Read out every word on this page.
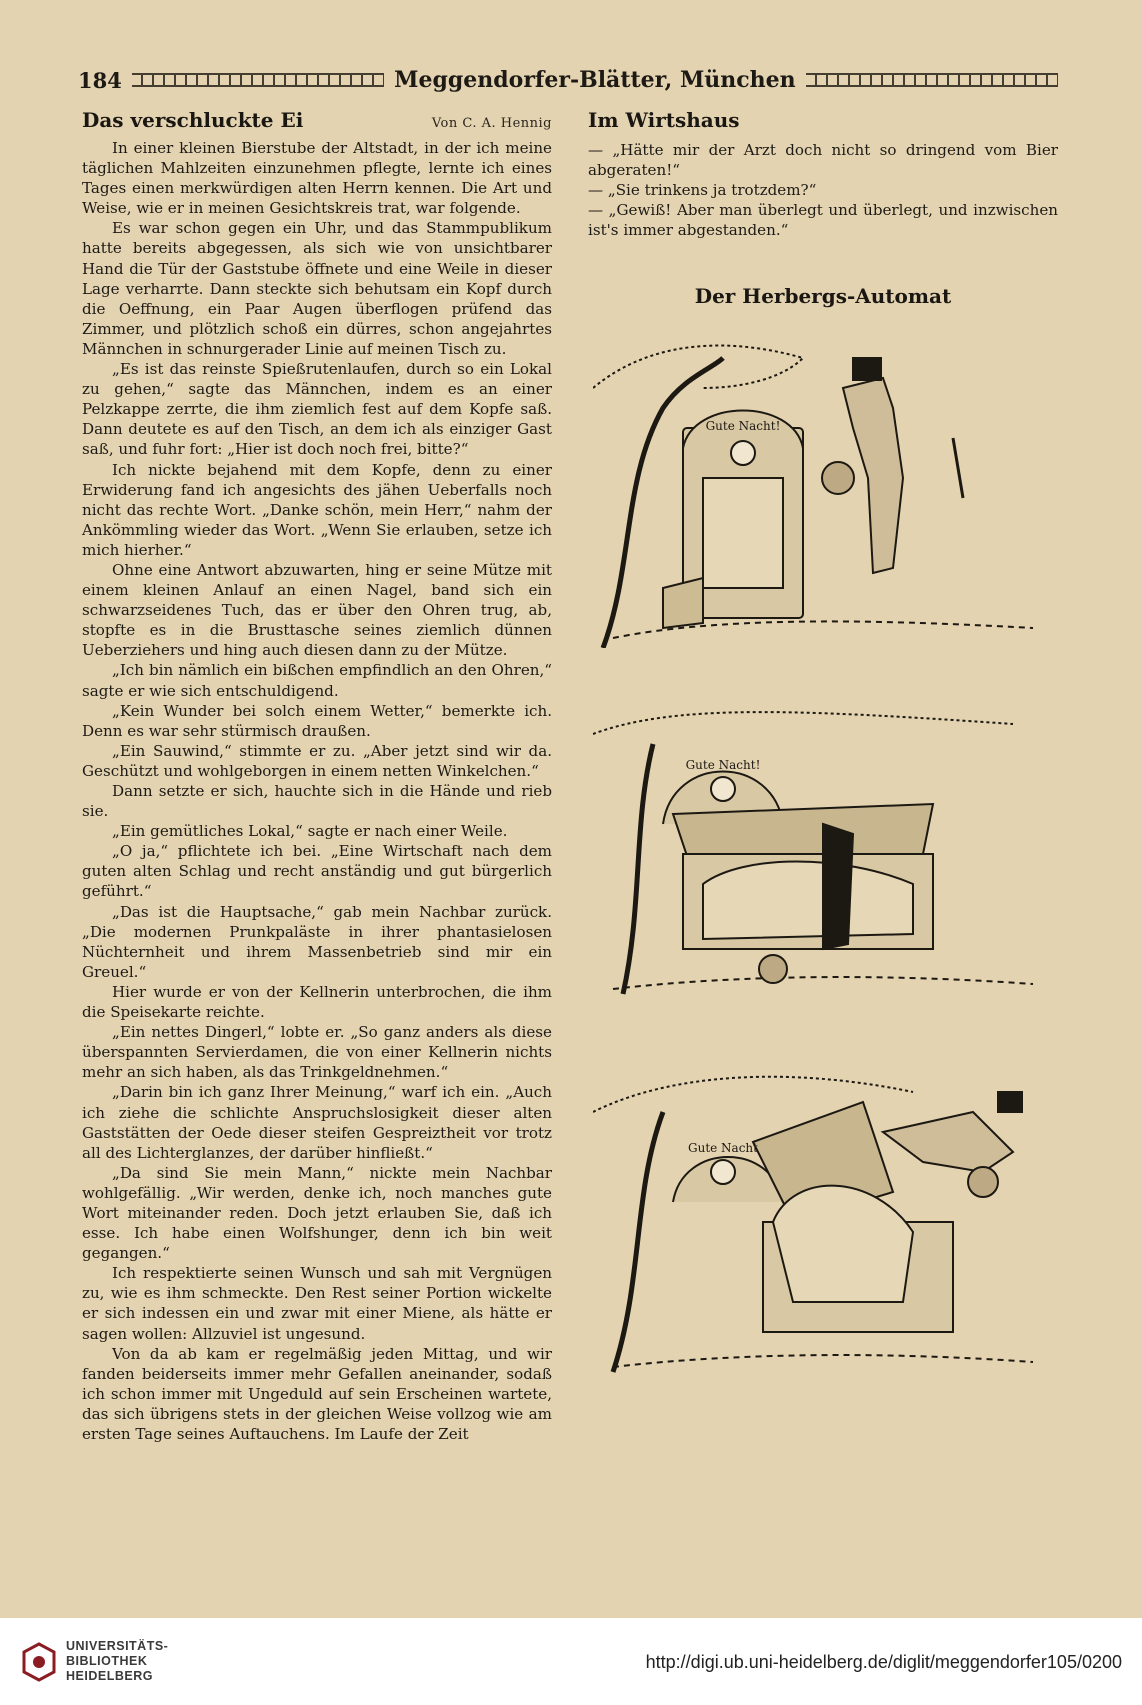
184	Meggendorfer-Blätter, München
Das verschluckte Ei	Von C. A. Hennig

In einer kleinen Bierstube der Altstadt, in der ich meine täglichen Mahlzeiten einzunehmen pflegte, lernte ich eines Tages einen merkwürdigen alten Herrn kennen. Die Art und Weise, wie er in meinen Gesichtskreis trat, war folgende.

Es war schon gegen ein Uhr, und das Stammpublikum hatte bereits abgegessen, als sich wie von unsichtbarer Hand die Tür der Gaststube öffnete und eine Weile in dieser Lage verharrte. Dann steckte sich behutsam ein Kopf durch die Oeffnung, ein Paar Augen überflogen prüfend das Zimmer, und plötzlich schoß ein dürres, schon angejahrtes Männchen in schnurgerader Linie auf meinen Tisch zu.

„Es ist das reinste Spießrutenlaufen, durch so ein Lokal zu gehen,“ sagte das Männchen, indem es an einer Pelzkappe zerrte, die ihm ziemlich fest auf dem Kopfe saß. Dann deutete es auf den Tisch, an dem ich als einziger Gast saß, und fuhr fort: „Hier ist doch noch frei, bitte?“

Ich nickte bejahend mit dem Kopfe, denn zu einer Erwiderung fand ich angesichts des jähen Ueberfalls noch nicht das rechte Wort. „Danke schön, mein Herr,“ nahm der Ankömmling wieder das Wort. „Wenn Sie erlauben, setze ich mich hierher.“

Ohne eine Antwort abzuwarten, hing er seine Mütze mit einem kleinen Anlauf an einen Nagel, band sich ein schwarzseidenes Tuch, das er über den Ohren trug, ab, stopfte es in die Brusttasche seines ziemlich dünnen Ueberziehers und hing auch diesen dann zu der Mütze.

„Ich bin nämlich ein bißchen empfindlich an den Ohren,“ sagte er wie sich entschuldigend.

„Kein Wunder bei solch einem Wetter,“ bemerkte ich. Denn es war sehr stürmisch draußen.

„Ein Sauwind,“ stimmte er zu. „Aber jetzt sind wir da. Geschützt und wohlgeborgen in einem netten Winkelchen.“

Dann setzte er sich, hauchte sich in die Hände und rieb sie.

„Ein gemütliches Lokal,“ sagte er nach einer Weile.

„O ja,“ pflichtete ich bei. „Eine Wirtschaft nach dem guten alten Schlag und recht anständig und gut bürgerlich geführt.“

„Das ist die Hauptsache,“ gab mein Nachbar zurück. „Die modernen Prunkpaläste in ihrer phantasielosen Nüchternheit und ihrem Massenbetrieb sind mir ein Greuel.“

Hier wurde er von der Kellnerin unterbrochen, die ihm die Speisekarte reichte.

„Ein nettes Dingerl,“ lobte er. „So ganz anders als diese überspannten Servierdamen, die von einer Kellnerin nichts mehr an sich haben, als das Trinkgeldnehmen.“

„Darin bin ich ganz Ihrer Meinung,“ warf ich ein. „Auch ich ziehe die schlichte Anspruchslosigkeit dieser alten Gaststätten der Oede dieser steifen Gespreiztheit vor trotz all des Lichterglanzes, der darüber hinfließt.“

„Da sind Sie mein Mann,“ nickte mein Nachbar wohlgefällig. „Wir werden, denke ich, noch manches gute Wort miteinander reden. Doch jetzt erlauben Sie, daß ich esse. Ich habe einen Wolfshunger, denn ich bin weit gegangen.“

Ich respektierte seinen Wunsch und sah mit Vergnügen zu, wie es ihm schmeckte. Den Rest seiner Portion wickelte er sich indessen ein und zwar mit einer Miene, als hätte er sagen wollen: Allzuviel ist ungesund.

Von da ab kam er regelmäßig jeden Mittag, und wir fanden beiderseits immer mehr Gefallen aneinander, sodaß ich schon immer mit Ungeduld auf sein Erscheinen wartete, das sich übrigens stets in der gleichen Weise vollzog wie am ersten Tage seines Auftauchens. Im Laufe der Zeit

Im Wirtshaus

— „Hätte mir der Arzt doch nicht so dringend vom Bier abgeraten!“

— „Sie trinkens ja trotzdem?“

— „Gewiß! Aber man überlegt und überlegt, und inzwischen ist's immer abgestanden.“

Der Herbergs-Automat
Gute Nacht!
Gute Nacht!
Gute Nacht
UNIVERSITÄTS-
BIBLIOTHEK
HEIDELBERG
http://digi.ub.uni-heidelberg.de/diglit/meggendorfer105/0200
